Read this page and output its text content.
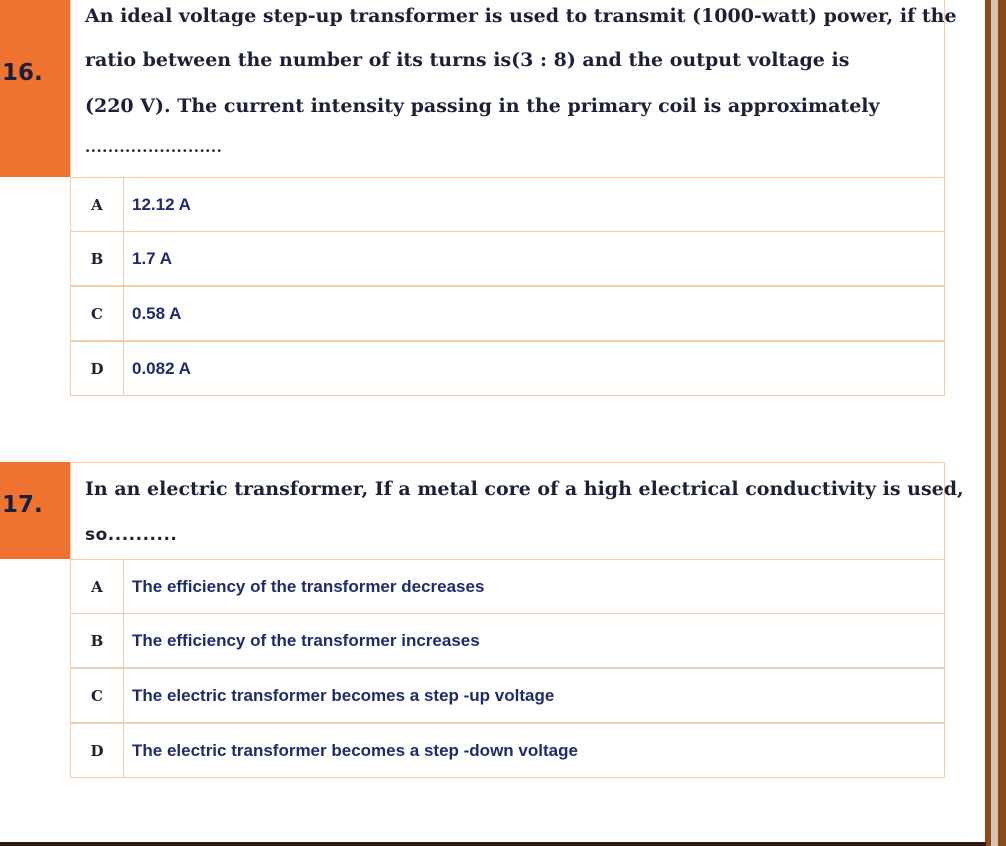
16.
An ideal voltage step-up transformer is used to transmit (1000-watt) power, if the
ratio between the number of its turns is(3 : 8) and the output voltage is
(220 V). The current intensity passing in the primary coil is approximately
........................
A	12.12 A
B	1.7 A
C	0.58 A
D	0.082 A
17.
In an electric transformer, If a metal core of a high electrical conductivity is used,
so..........
A	The efficiency of the transformer decreases
B	The efficiency of the transformer increases
C	The electric transformer becomes a step -up voltage
D	The electric transformer becomes a step -down voltage
